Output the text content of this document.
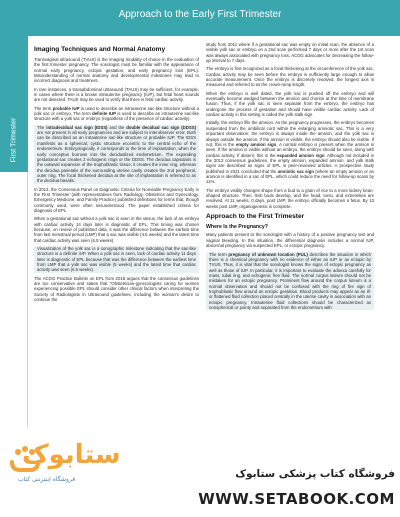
Approach to the Early First Trimester
First Trimester
Imaging Techniques and Normal Anatomy

Transvaginal ultrasound (TVUS) is the imaging modality of choice in the evaluation of the first trimester pregnancy. The sonologist must be familiar with the appearance of normal early pregnancy, ectopic gestation, and early pregnancy loss (EPL). Misunderstanding of normal anatomy and developmental milestones may lead to incorrect diagnosis and treatment.

In rare instances, a transabdominal ultrasound (TAUS) may be sufficient, for example, in cases where there is a known intrauterine pregnancy (IUP), but fetal heart sounds are not detected. TAUS may be used to verify that there is fetal cardiac activity.

The term probable IUP is used to describe an intrauterine sac-like structure without a yolk sac or embryo. The term definite IUP is used to describe an intrauterine sac-like structure with a yolk sac or embryo (regardless of the presence of cardiac activity).

The intradecidual sac sign (IDSS) and the double decidual sac sign (DDSS) are not present in all early pregnancies and are subject to interobserver error. Both can be described as an intrauterine sac-like structure or probable IUP. The IDSS manifests as a spherical, cystic structure eccentric to the central echo of the endometrium. Embryologically, it corresponds to the time of implantation, when the early conceptus burrows into the decidualized endometrium. The expanding gestational sac creates 2 echogenic rings or the DDSS. The decidua capsularis is the outward expansion of the trophoblastic tissue; it creates the inner ring, whereas the decidua parietalis of the surrounding uterine cavity creates the 2nd peripheral, outer ring. The focal thickened decidua at the site of implantation is referred to as the decidua basalis.

In 2013, the Consensus Panel on Diagnostic Criteria for Nonviable Pregnancy Early in the First Trimester (with representatives from Radiology, Obstetrics and Gynecology, Emergency Medicine, and Family Practice) published definitions for terms that, though commonly used, were often misunderstood. The paper established criteria for diagnosis of EPL.

When a gestational sac without a yolk sac is seen in the uterus, the lack of an embryo with cardiac activity 14 days later is diagnostic of EPL. This timing was chosen because, on review of published data, it was the difference between the earliest time from last menstrual period (LMP) that a sac was visible (4.5 weeks) and the latest time that cardiac activity was seen (6.5 weeks).

Visualization of the yolk sac is a sonographic milestone indicating that the sac-like structure is a definite IUP. When a yolk sac is seen, lack of cardiac activity 11 days later is diagnostic of EPL because that was the difference between the earliest time from LMP that a yolk sac was visible (5 weeks) and the latest time that cardiac activity was seen (6.5 weeks).

The ACOG Practice Bulletin on EPL from 2018 argues that the consensus guidelines are too conservative and states that "Obstetrician-gynecologists caring for women experiencing possible EPL should consider other clinical factors when interpreting the Society of Radiologists in Ultrasound guidelines, including the woman's desire to continue the

study from 2011 where if a gestational sac was empty on initial scan, the absence of a visible yolk sac or embryo on a 2nd scan performed 7 days or more after the 1st scan was always associated with pregnancy loss. ACOG advocates for decreasing the follow-up interval to 7 days.

The embryo is first recognized as a focal thickening at the circumference of the yolk sac. Cardiac activity may be seen before the embryo is sufficiently large enough to allow accurate measurement. Once the embryo is discretely resolved, the longest axis is measured and referred to as the crown-rump length.

When the embryo is well dated, the yolk sac is pushed off the embryo and will eventually become wedged between the amnion and chorion at the time of membrane fusion. Thus, if the yolk sac is seen separate from the embryo, the embryo has undergone the process of gestation and should have visible cardiac activity. Lack of cardiac activity in this setting is called the yolk stalk sign.

Initially, the embryo fills the amnion. As the pregnancy progresses, the embryo becomes suspended from the umbilical cord within the enlarging amniotic sac. This is a very important observation; the embryo is always inside the amnion, and the yolk sac is always outside the amnion. If the amnion is visible, the embryo should also be visible. If not, this is the empty amnion sign. A normal embryo is present when the amnion is seen. If the amnion is visible without an embryo, the embryo should be seen, along with cardiac activity. If absent, this is the expanded amnion sign. Although not included in the 2013 consensus guidelines, the empty amnion, expanded amnion, and yolk stalk signs are described as signs of EPL in peer-reviewed articles. A prospective study published in 2021 concluded that the amniotic sac sign (where an empty amnion or an amnion is identified in a sac of EPL, which could reduce the need for follow-up scans by 11%.

The embryo visibly changes shape from a bud to a grain of rice to a more kidney bean-shaped structure. Then, limb buds develop, and the head, torso, and extremities are resolved. At 11 weeks, 0 days, post LMP, the embryo officially becomes a fetus. By 13 weeks post LMP, organogenesis is complete.

Approach to the First Trimester
Where Is the Pregnancy?

Many patients present to the sonologist with a history of a positive pregnancy test and vaginal bleeding. In this situation, the differential diagnosis includes a normal IUP, abnormal pregnancy via suspected EPL, or ectopic pregnancy.

The term pregnancy of unknown location (PUL) describes the situation in which there is a chemical pregnancy with no evidence of either an IUP or an ectopic by TVUS. Thus, it is vital that the sonologist knows the signs of ectopic pregnancy as well as those of IUP. In particular, it is important to evaluate the adnexa carefully for mass, tubal ring, and echogenic free fluid. The normal corpus luteum should not be mistaken for an ectopic pregnancy. Prominent flow around the corpus luteum is a normal observation and should not be confused with the ring of fire sign of trophoblastic flow around an ectopic gestation. Blood products may appear as an ill- or flattened fluid collection placed centrally in the uterine cavity in association with an ectopic pregnancy. Intrauterine fluid collections should be characterized as nonspherical or pointy and separated from the endometrium with

ستابوک
فروشگاه اینترنتی کتاب	فروشگاه کتاب پزشکی ستابوک
WWW.SETABOOK.COM
